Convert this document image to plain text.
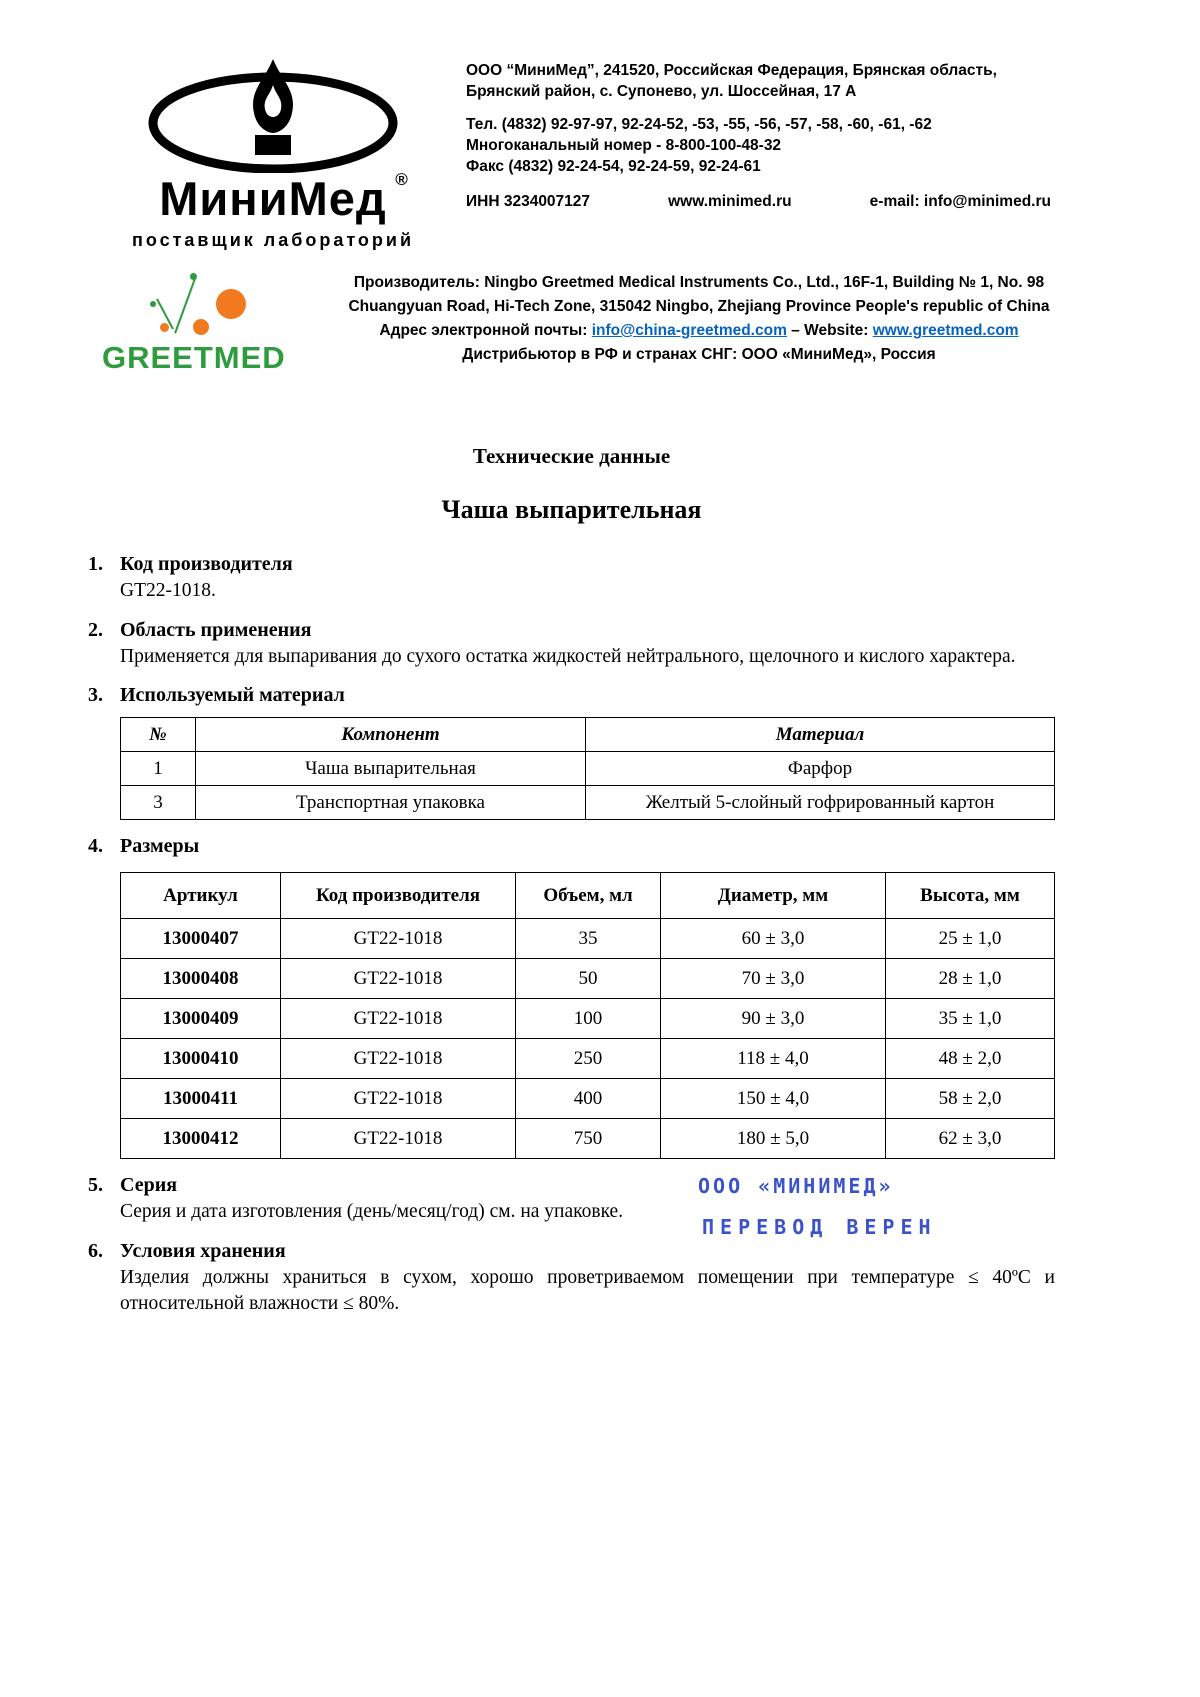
МиниМед ®
поставщик лабораторий
ООО “МиниМед”, 241520, Российская Федерация, Брянская область,
Брянский район, с. Супонево, ул. Шоссейная, 17 А
Тел. (4832) 92-97-97, 92-24-52, -53, -55, -56, -57, -58, -60, -61, -62
Многоканальный номер - 8-800-100-48-32
Факс (4832) 92-24-54, 92-24-59, 92-24-61
ИНН 3234007127	www.minimed.ru	e-mail: info@minimed.ru
GREETMED
Производитель: Ningbo Greetmed Medical Instruments Co., Ltd., 16F-1, Building № 1, No. 98
Chuangyuan Road, Hi-Tech Zone, 315042 Ningbo, Zhejiang Province People's republic of China
Адрес электронной почты: info@china-greetmed.com – Website: www.greetmed.com
Дистрибьютор в РФ и странах СНГ: ООО «МиниМед», Россия
Технические данные
Чаша выпарительная
1. Код производителя
GT22-1018.
2. Область применения
Применяется для выпаривания до сухого остатка жидкостей нейтрального, щелочного и кислого характера.
3. Используемый материал
№	Компонент	Материал
1	Чаша выпарительная	Фарфор
3	Транспортная упаковка	Желтый 5-слойный гофрированный картон
4. Размеры
Артикул	Код производителя	Объем, мл	Диаметр, мм	Высота, мм
13000407	GT22-1018	35	60 ± 3,0	25 ± 1,0
13000408	GT22-1018	50	70 ± 3,0	28 ± 1,0
13000409	GT22-1018	100	90 ± 3,0	35 ± 1,0
13000410	GT22-1018	250	118 ± 4,0	48 ± 2,0
13000411	GT22-1018	400	150 ± 4,0	58 ± 2,0
13000412	GT22-1018	750	180 ± 5,0	62 ± 3,0
5. Серия
Серия и дата изготовления (день/месяц/год) см. на упаковке.
ООО «МИНИМЕД»
ПЕРЕВОД ВЕРЕН
6. Условия хранения
Изделия должны храниться в сухом, хорошо проветриваемом помещении при температуре ≤ 40ºС и относительной влажности ≤ 80%.
